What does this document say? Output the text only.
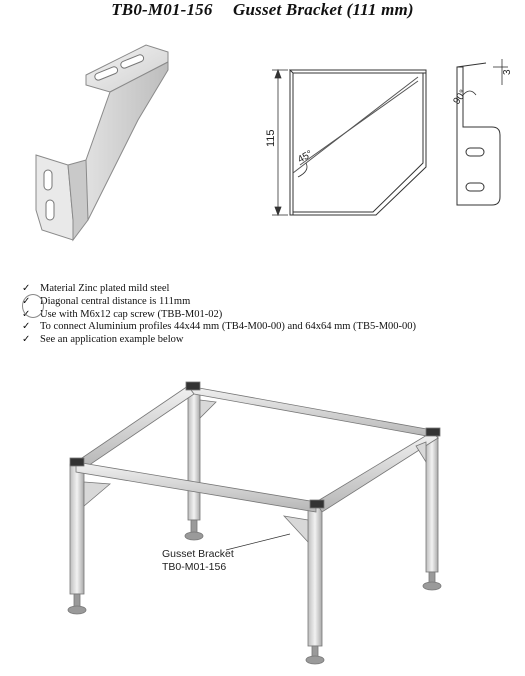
TB0-M01-156 Gusset Bracket (111 mm)
115
45°
90°
3
✓ Material Zinc plated mild steel
✓ Diagonal central distance is 111mm
✓ Use with M6x12 cap screw (TBB-M01-02)
✓ To connect Aluminium profiles 44x44 mm (TB4-M00-00) and 64x64 mm (TB5-M00-00)
✓ See an application example below
Gusset Bracket
TB0-M01-156
